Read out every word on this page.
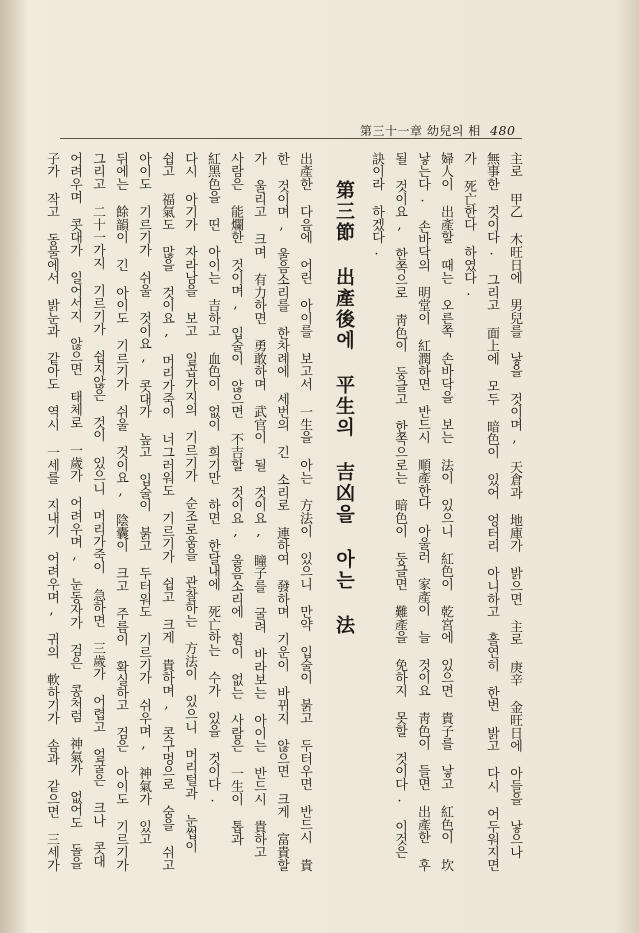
第三十一章 幼兒의 相 480
主로 甲乙 木旺日에 男兒를 낳을 것이며, 天倉과 地庫가 밝으면 主로 庚辛 金旺日에 아들을 낳으나
無事한 것이다. 그리고 面上에 모두 暗色이 있어 엉터리 아니하고 홀연히 한번 밝고 다시 어두워지면
가 死亡한다 하였다.
婦人이 出產할 때는 오른쪽 손바닥을 보는 法이 있으니 紅色이 乾宮에 있으면 貴子를 낳고 紅色이 坎
낳는다. 손바닥의 明堂이 紅潤하면 반드시 順產한다 아울러 家產이 늘 것이요 靑色이 들면 出產한 후
될 것이요, 한쪽으로 靑色이 둥글고 한쪽으로는 暗色이 둥글면 難產을 免하지 못할 것이다. 이것은
訣이라 하겠다.
第三節 出產後에 平生의 吉凶을 아는 法
出產한 다음에 어린 아이를 보고서 一生을 아는 方法이 있으니 만약 입술이 붉고 두터우면 반드시 貴
한 것이며, 울음소리를 한차례에 세번의 긴 소리로 連하여 發하며 기운이 바뀌지 않으면 크게 富貴할
가 울리고 크며 有力하면 勇敢하며 武官이 될 것이요, 瞳子를 굴려 바라보는 아이는 반드시 貴하고
사람은 能爛한 것이며, 입술이 않으면 不吉할 것이요, 울음소리에 힘이 없는 사람은 一生이 톱과
紅黑色을 띤 아이는 吉하고 血色이 없이 희기만 하면 한달내에 死亡하는 수가 있을 것이다.
다시 아기가 자라남을 보고 일곱가지의 기르기가 순조로움을 관찰하는 方法이 있으니 머리털과 눈썹이
쉽고 福氣도 많을 것이요, 머리가죽이 너그러워도 기르기가 쉽고 크게 貴하며, 콧구멍으로 숨을 쉬고
아이도 기르기가 쉬울 것이요, 콧대가 높고 입술이 붉고 두터워도 기르기가 쉬우며, 神氣가 있고
뒤에는 餘韻이 긴 아이도 기르기가 쉬울 것이요, 陰囊이 크고 주름이 확실하고 검은 아이도 기르기가
그리고 二十一가지 기르기가 쉽지않은 것이 있으니 머리가죽이 急하면 三歲가 어렵고 얼굴은 크나 콧대
어려우며 콧대가 일어서지 않으면 태체로 一歲가 어려우며, 눈동자가 검은 콩처럼 神氣가 없어도 돌을
子가 작고 동물에서 밝눈과 같아도 역시 一세를 지내기 어려우며, 귀의 軟하기가 솜과 같으면 三세가
